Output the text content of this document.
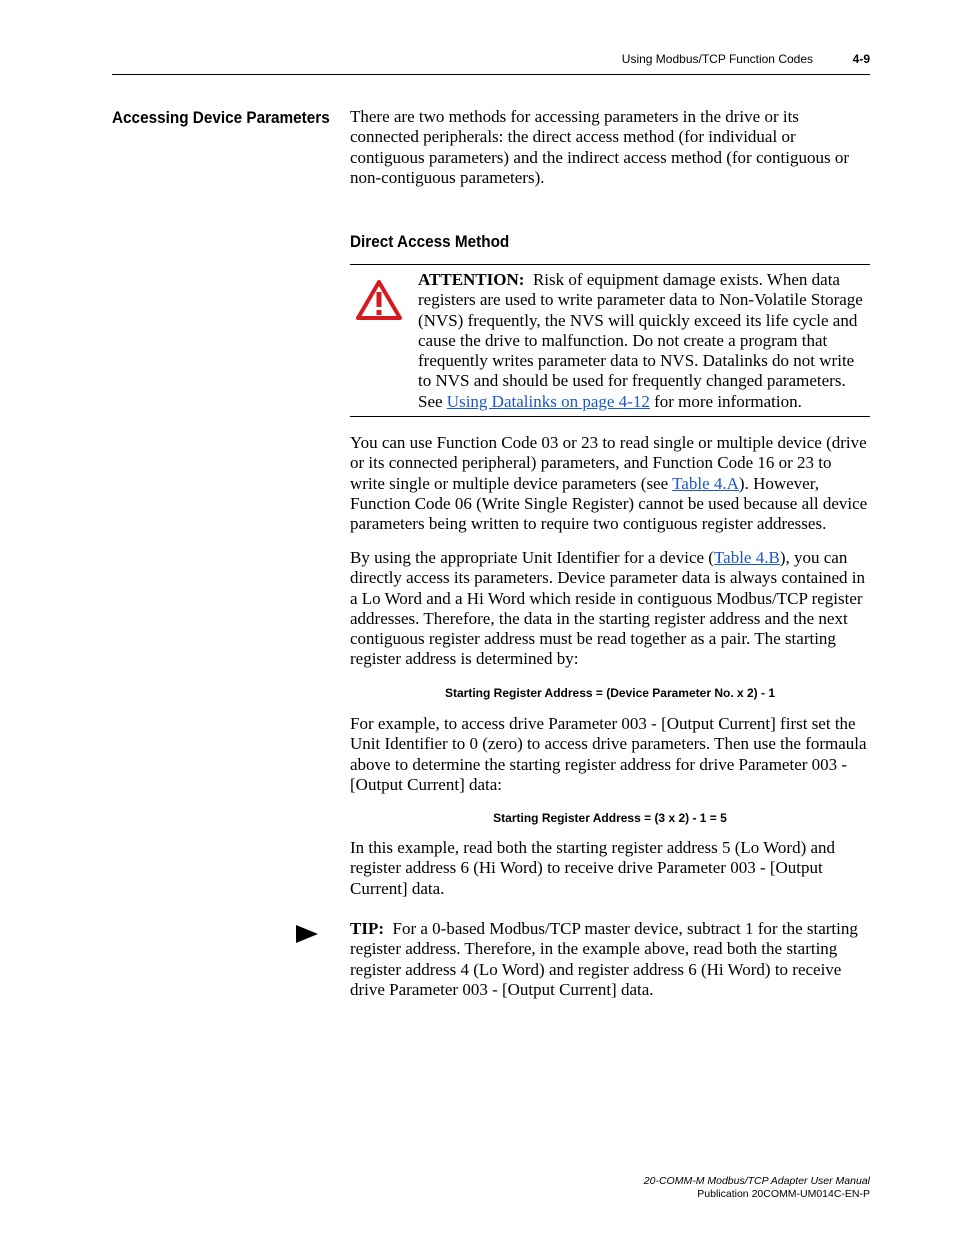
Using Modbus/TCP Function Codes	4-9
Accessing Device Parameters There are two methods for accessing parameters in the drive or its connected peripherals: the direct access method (for individual or contiguous parameters) and the indirect access method (for contiguous or non-contiguous parameters).
Direct Access Method
ATTENTION: Risk of equipment damage exists. When data registers are used to write parameter data to Non-Volatile Storage (NVS) frequently, the NVS will quickly exceed its life cycle and cause the drive to malfunction. Do not create a program that frequently writes parameter data to NVS. Datalinks do not write to NVS and should be used for frequently changed parameters. See Using Datalinks on page 4-12 for more information.
You can use Function Code 03 or 23 to read single or multiple device (drive or its connected peripheral) parameters, and Function Code 16 or 23 to write single or multiple device parameters (see Table 4.A). However, Function Code 06 (Write Single Register) cannot be used because all device parameters being written to require two contiguous register addresses.
By using the appropriate Unit Identifier for a device (Table 4.B), you can directly access its parameters. Device parameter data is always contained in a Lo Word and a Hi Word which reside in contiguous Modbus/TCP register addresses. Therefore, the data in the starting register address and the next contiguous register address must be read together as a pair. The starting register address is determined by:
Starting Register Address = (Device Parameter No. x 2) - 1
For example, to access drive Parameter 003 - [Output Current] first set the Unit Identifier to 0 (zero) to access drive parameters. Then use the formaula above to determine the starting register address for drive Parameter 003 - [Output Current] data:
Starting Register Address = (3 x 2) - 1 = 5
In this example, read both the starting register address 5 (Lo Word) and register address 6 (Hi Word) to receive drive Parameter 003 - [Output Current] data.
TIP: For a 0-based Modbus/TCP master device, subtract 1 for the starting register address. Therefore, in the example above, read both the starting register address 4 (Lo Word) and register address 6 (Hi Word) to receive drive Parameter 003 - [Output Current] data.
20-COMM-M Modbus/TCP Adapter User Manual
Publication 20COMM-UM014C-EN-P
